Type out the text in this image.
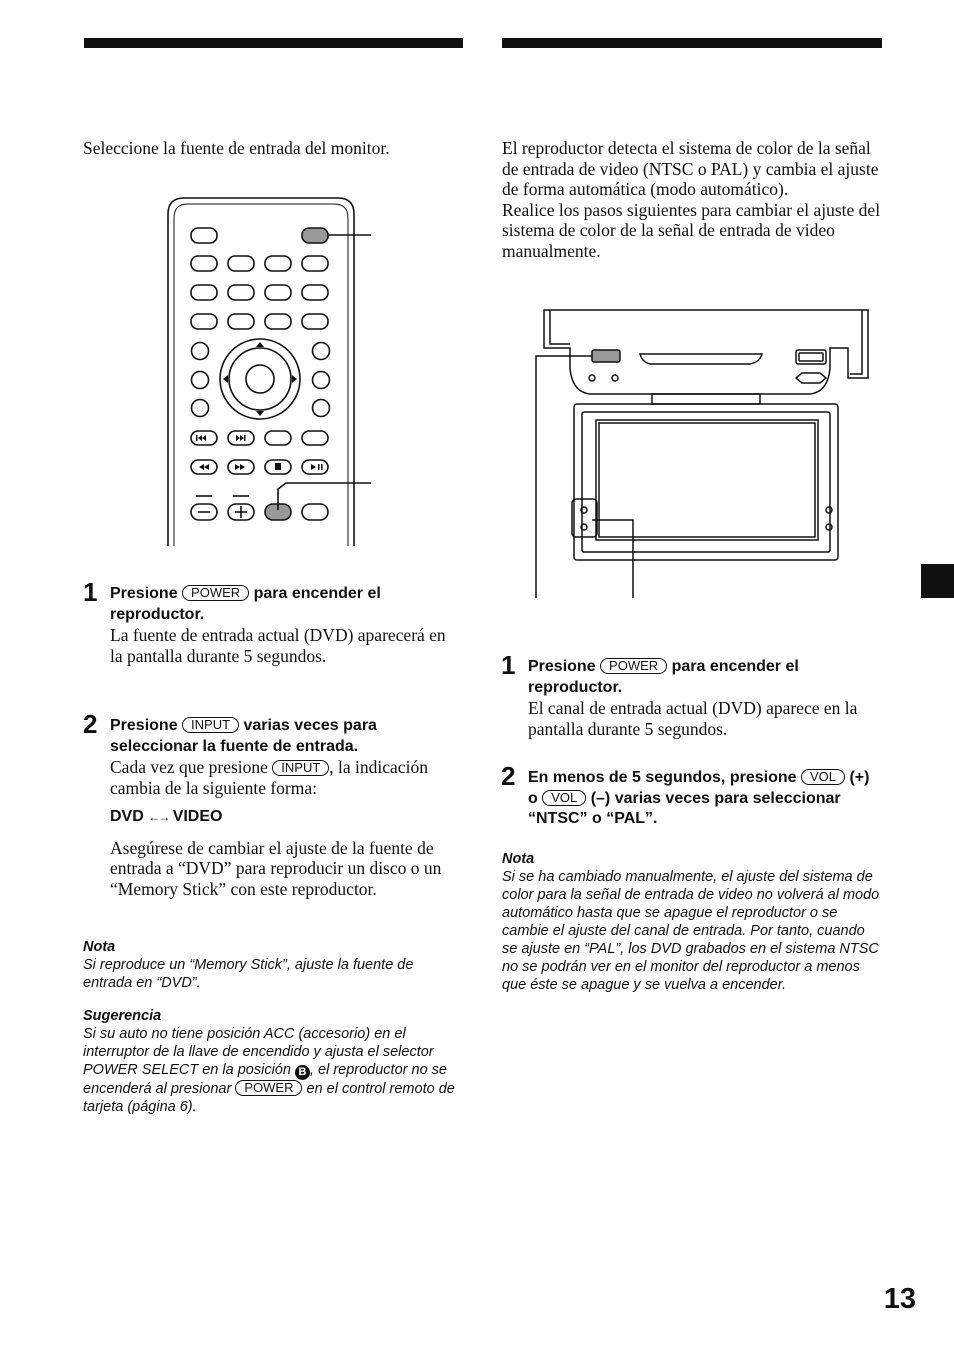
Seleccione la fuente de entrada del monitor.
1 Presione POWER para encender el reproductor.
La fuente de entrada actual (DVD) aparecerá en la pantalla durante 5 segundos.
2 Presione INPUT varias veces para seleccionar la fuente de entrada.
Cada vez que presione INPUT , la indicación cambia de la siguiente forma:
DVD ←→ VIDEO
Asegúrese de cambiar el ajuste de la fuente de entrada a “DVD” para reproducir un disco o un “Memory Stick” con este reproductor.
Nota
Si reproduce un “Memory Stick”, ajuste la fuente de entrada en “DVD”.
Sugerencia
Si su auto no tiene posición ACC (accesorio) en el interruptor de la llave de encendido y ajusta el selector POWER SELECT en la posición B , el reproductor no se encenderá al presionar POWER en el control remoto de tarjeta (página 6).
El reproductor detecta el sistema de color de la señal de entrada de video (NTSC o PAL) y cambia el ajuste de forma automática (modo automático).
Realice los pasos siguientes para cambiar el ajuste del sistema de color de la señal de entrada de video manualmente.
1 Presione POWER para encender el reproductor.
El canal de entrada actual (DVD) aparece en la pantalla durante 5 segundos.
2 En menos de 5 segundos, presione VOL (+) o VOL (–) varias veces para seleccionar “NTSC” o “PAL”.
Nota
Si se ha cambiado manualmente, el ajuste del sistema de color para la señal de entrada de video no volverá al modo automático hasta que se apague el reproductor o se cambie el ajuste del canal de entrada. Por tanto, cuando se ajuste en “PAL”, los DVD grabados en el sistema NTSC no se podrán ver en el monitor del reproductor a menos que éste se apague y se vuelva a encender.
13
